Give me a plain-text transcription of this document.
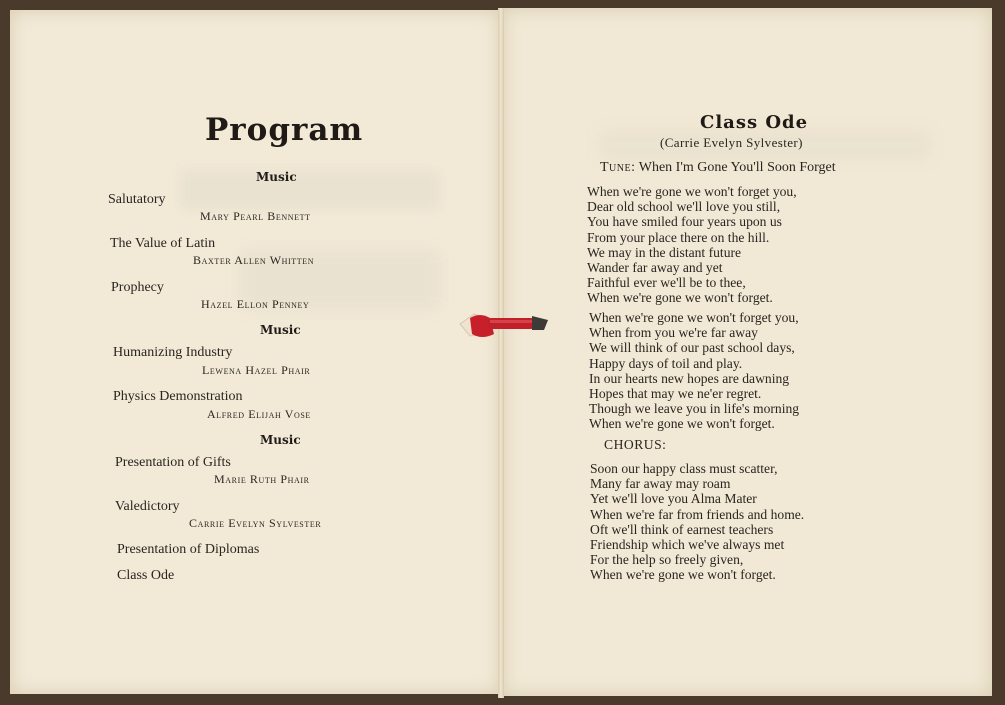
Program
Music
Salutatory
Mary Pearl Bennett
The Value of Latin
Baxter Allen Whitten
Prophecy
Hazel Ellon Penney
Music
Humanizing Industry
Lewena Hazel Phair
Physics Demonstration
Alfred Elijah Vose
Music
Presentation of Gifts
Marie Ruth Phair
Valedictory
Carrie Evelyn Sylvester
Presentation of Diplomas
Class Ode
Class Ode
(Carrie Evelyn Sylvester)
Tune: When I'm Gone You'll Soon Forget
When we're gone we won't forget you,
Dear old school we'll love you still,
You have smiled four years upon us
From your place there on the hill.
We may in the distant future
Wander far away and yet
Faithful ever we'll be to thee,
When we're gone we won't forget.
When we're gone we won't forget you,
When from you we're far away
We will think of our past school days,
Happy days of toil and play.
In our hearts new hopes are dawning
Hopes that may we ne'er regret.
Though we leave you in life's morning
When we're gone we won't forget.
CHORUS:
Soon our happy class must scatter,
Many far away may roam
Yet we'll love you Alma Mater
When we're far from friends and home.
Oft we'll think of earnest teachers
Friendship which we've always met
For the help so freely given,
When we're gone we won't forget.
